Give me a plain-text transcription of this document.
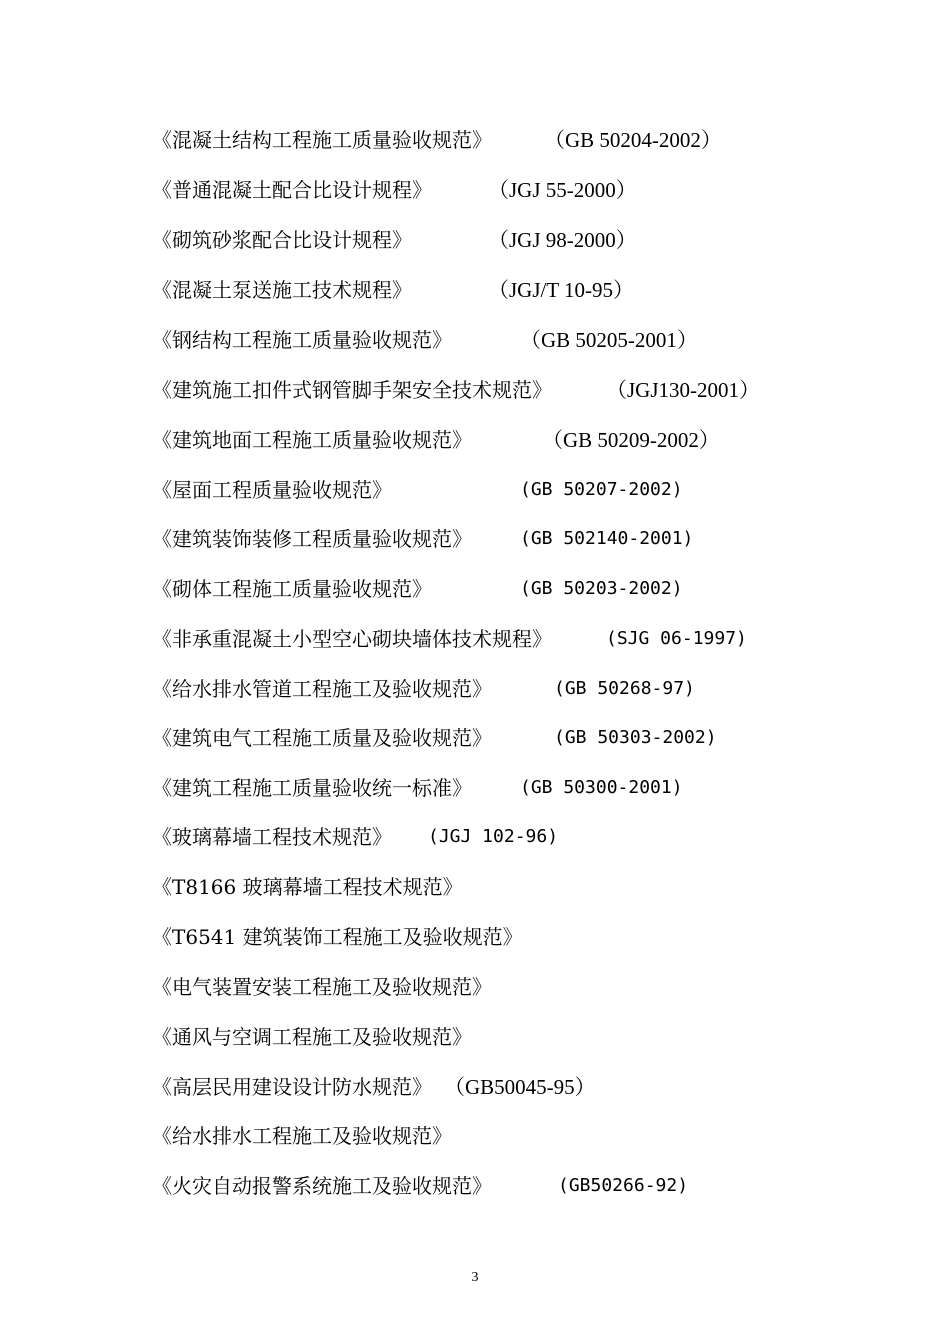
《混凝土结构工程施工质量验收规范》 （GB 50204-2002）
《普通混凝土配合比设计规程》	（JGJ 55-2000）
《砌筑砂浆配合比设计规程》	（JGJ 98-2000）
《混凝土泵送施工技术规程》	（JGJ/T 10-95）
《钢结构工程施工质量验收规范》	（GB 50205-2001）
《建筑施工扣件式钢管脚手架安全技术规范》	（JGJ130-2001）
《建筑地面工程施工质量验收规范》	（GB 50209-2002）
《屋面工程质量验收规范》	(GB 50207-2002)
《建筑装饰装修工程质量验收规范》	(GB 502140-2001)
《砌体工程施工质量验收规范》	(GB 50203-2002)
《非承重混凝土小型空心砌块墙体技术规程》	(SJG 06-1997)
《给水排水管道工程施工及验收规范》	(GB 50268-97)
《建筑电气工程施工质量及验收规范》	(GB 50303-2002)
《建筑工程施工质量验收统一标准》	(GB 50300-2001)
《玻璃幕墙工程技术规范》 (JGJ 102-96)
《T8166 玻璃幕墙工程技术规范》
《T6541 建筑装饰工程施工及验收规范》
《电气装置安装工程施工及验收规范》
《通风与空调工程施工及验收规范》
《高层民用建设设计防水规范》 （GB50045-95）
《给水排水工程施工及验收规范》
《火灾自动报警系统施工及验收规范》	(GB50266-92)
3
